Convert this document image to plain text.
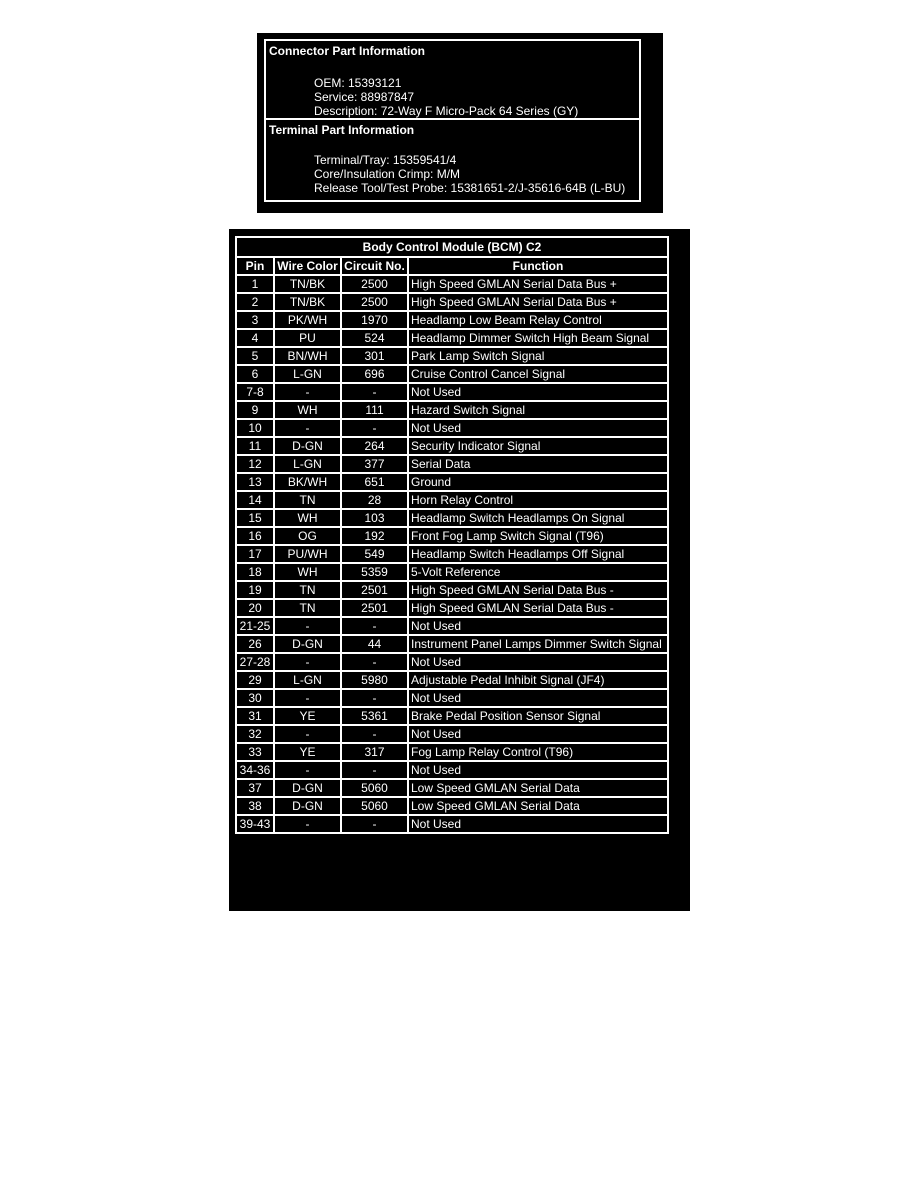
Connector Part Information
OEM: 15393121
Service: 88987847
Description: 72-Way F Micro-Pack 64 Series (GY)
Terminal Part Information
Terminal/Tray: 15359541/4
Core/Insulation Crimp: M/M
Release Tool/Test Probe: 15381651-2/J-35616-64B (L-BU)
Body Control Module (BCM) C2			
Pin	Wire Color	Circuit No.	Function
1	TN/BK	2500	High Speed GMLAN Serial Data Bus +
2	TN/BK	2500	High Speed GMLAN Serial Data Bus +
3	PK/WH	1970	Headlamp Low Beam Relay Control
4	PU	524	Headlamp Dimmer Switch High Beam Signal
5	BN/WH	301	Park Lamp Switch Signal
6	L-GN	696	Cruise Control Cancel Signal
7-8	-	-	Not Used
9	WH	111	Hazard Switch Signal
10	-	-	Not Used
11	D-GN	264	Security Indicator Signal
12	L-GN	377	Serial Data
13	BK/WH	651	Ground
14	TN	28	Horn Relay Control
15	WH	103	Headlamp Switch Headlamps On Signal
16	OG	192	Front Fog Lamp Switch Signal (T96)
17	PU/WH	549	Headlamp Switch Headlamps Off Signal
18	WH	5359	5-Volt Reference
19	TN	2501	High Speed GMLAN Serial Data Bus -
20	TN	2501	High Speed GMLAN Serial Data Bus -
21-25	-	-	Not Used
26	D-GN	44	Instrument Panel Lamps Dimmer Switch Signal
27-28	-	-	Not Used
29	L-GN	5980	Adjustable Pedal Inhibit Signal (JF4)
30	-	-	Not Used
31	YE	5361	Brake Pedal Position Sensor Signal
32	-	-	Not Used
33	YE	317	Fog Lamp Relay Control (T96)
34-36	-	-	Not Used
37	D-GN	5060	Low Speed GMLAN Serial Data
38	D-GN	5060	Low Speed GMLAN Serial Data
39-43	-	-	Not Used
